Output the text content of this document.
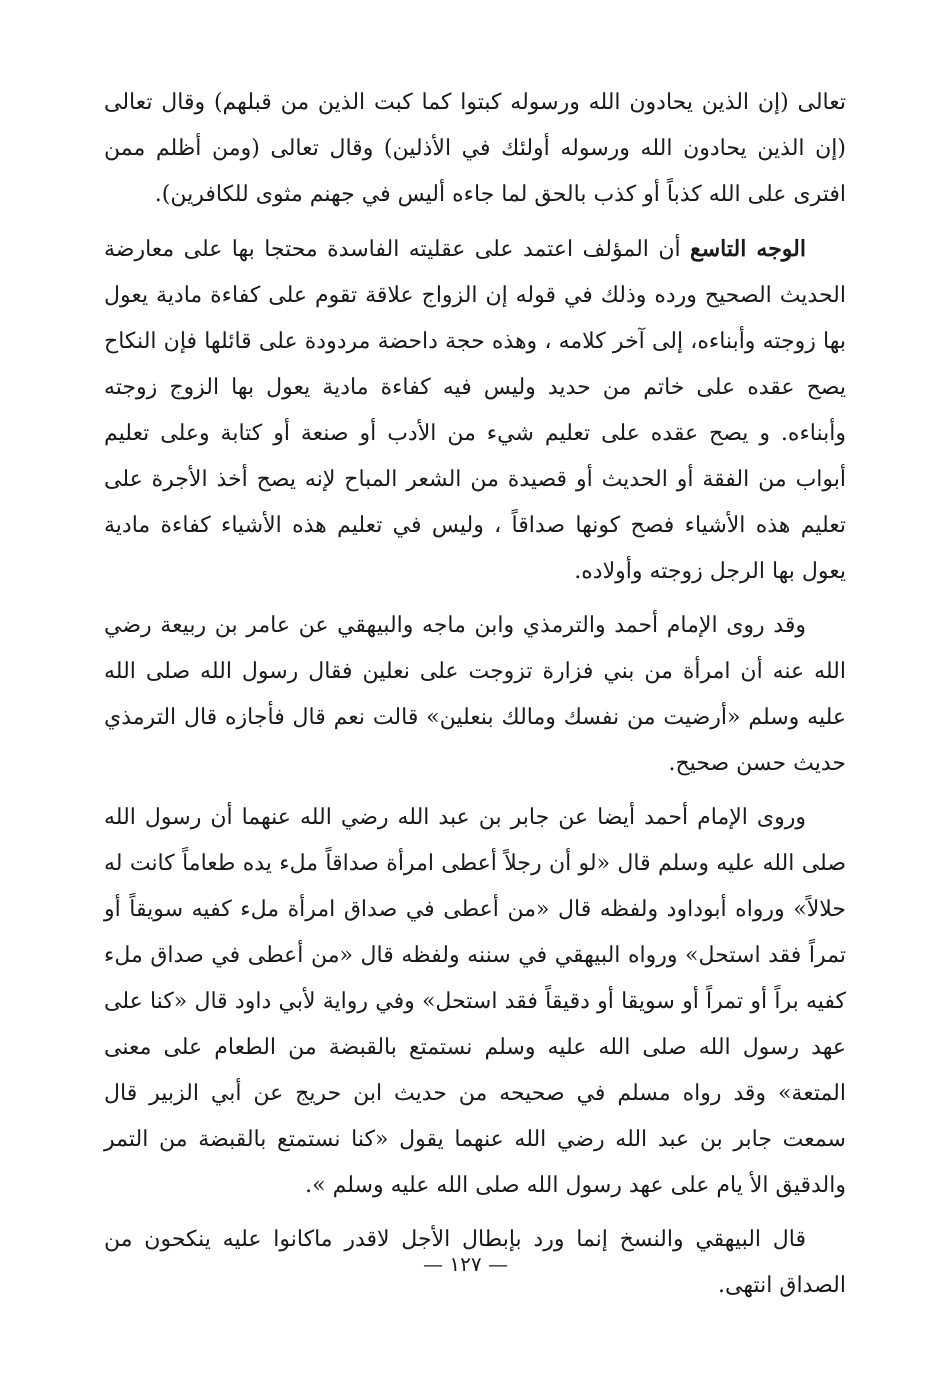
تعالى (إن الذين يحادون الله ورسوله كبتوا كما كبت الذين من قبلهم) وقال تعالى (إن الذين يحادون الله ورسوله أولئك في الأذلين) وقال تعالى (ومن أظلم ممن افترى على الله كذباً أو كذب بالحق لما جاءه أليس في جهنم مثوى للكافرين).

الوجه التاسع أن المؤلف اعتمد على عقليته الفاسدة محتجا بها على معارضة الحديث الصحيح ورده وذلك في قوله إن الزواج علاقة تقوم على كفاءة مادية يعول بها زوجته وأبناءه، إلى آخر كلامه ، وهذه حجة داحضة مردودة على قائلها فإن النكاح يصح عقده على خاتم من حديد وليس فيه كفاءة مادية يعول بها الزوج زوجته وأبناءه. و يصح عقده على تعليم شيء من الأدب أو صنعة أو كتابة وعلى تعليم أبواب من الفقة أو الحديث أو قصيدة من الشعر المباح لإنه يصح أخذ الأجرة على تعليم هذه الأشياء فصح كونها صداقاً ، وليس في تعليم هذه الأشياء كفاءة مادية يعول بها الرجل زوجته وأولاده.

وقد روى الإمام أحمد والترمذي وابن ماجه والبيهقي عن عامر بن ربيعة رضي الله عنه أن امرأة من بني فزارة تزوجت على نعلين فقال رسول الله صلى الله عليه وسلم «أرضيت من نفسك ومالك بنعلين» قالت نعم قال فأجازه قال الترمذي حديث حسن صحيح.

وروى الإمام أحمد أيضا عن جابر بن عبد الله رضي الله عنهما أن رسول الله صلى الله عليه وسلم قال «لو أن رجلاً أعطى امرأة صداقاً ملء يده طعاماً كانت له حلالاً» ورواه أبوداود ولفظه قال «من أعطى في صداق امرأة ملء كفيه سويقاً أو تمراً فقد استحل» ورواه البيهقي في سننه ولفظه قال «من أعطى في صداق ملء كفيه براً أو تمراً أو سويقا أو دقيقاً فقد استحل» وفي رواية لأبي داود قال «كنا على عهد رسول الله صلى الله عليه وسلم نستمتع بالقبضة من الطعام على معنى المتعة» وقد رواه مسلم في صحيحه من حديث ابن حريج عن أبي الزبير قال سمعت جابر بن عبد الله رضي الله عنهما يقول «كنا نستمتع بالقبضة من التمر والدقيق الأ يام على عهد رسول الله صلى الله عليه وسلم ».

قال البيهقي والنسخ إنما ورد بإبطال الأجل لاقدر ماكانوا عليه ينكحون من الصداق انتهى.

— ١٢٧ —
